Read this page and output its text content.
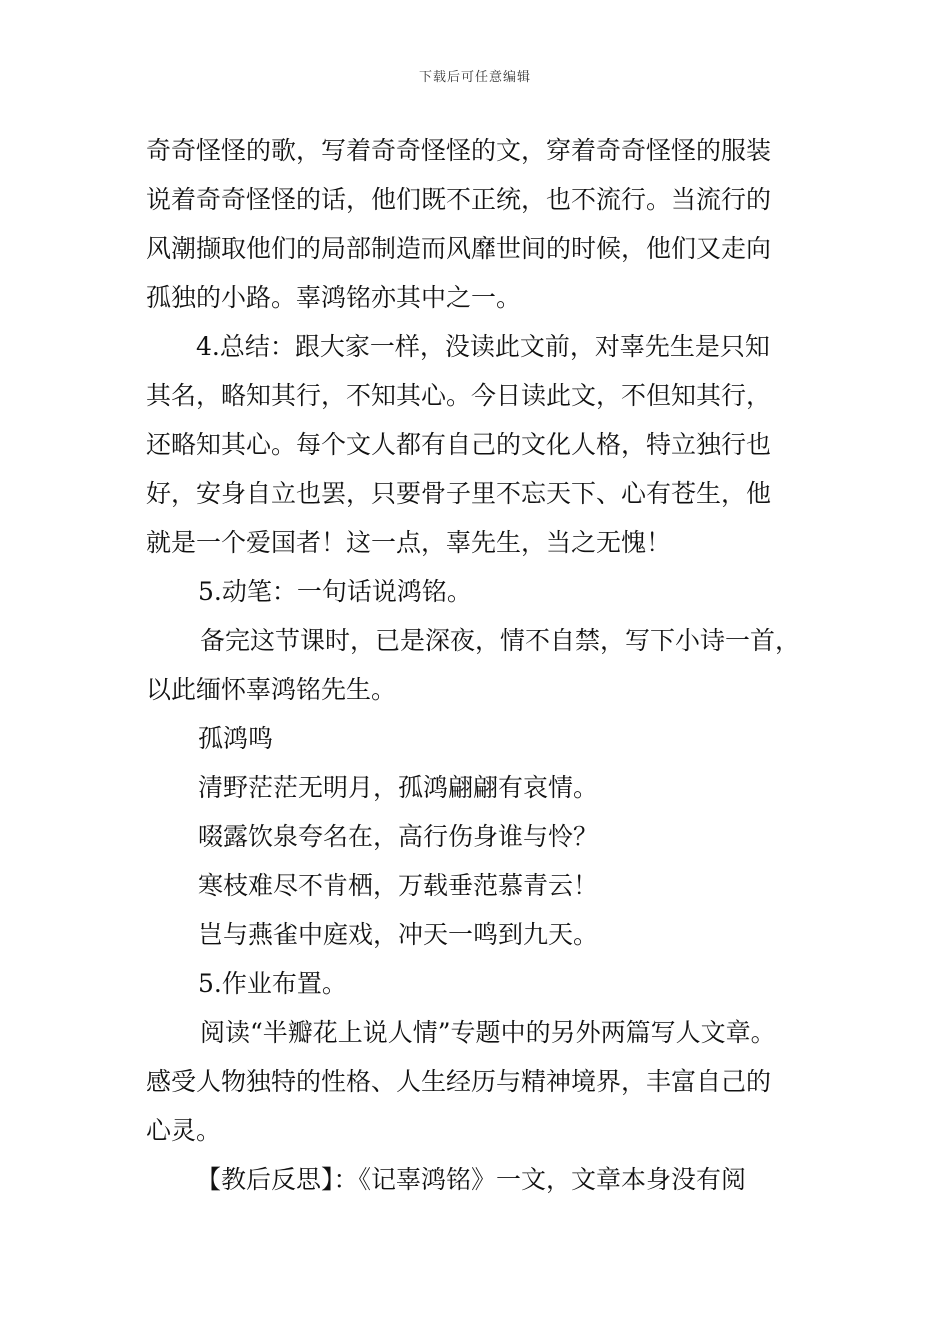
下载后可任意编辑
奇奇怪怪的歌，写着奇奇怪怪的文，穿着奇奇怪怪的服装
说着奇奇怪怪的话，他们既不正统，也不流行。当流行的
风潮撷取他们的局部制造而风靡世间的时候，他们又走向
孤独的小路。辜鸿铭亦其中之一。
4.总结：跟大家一样，没读此文前，对辜先生是只知
其名，略知其行，不知其心。今日读此文，不但知其行，
还略知其心。每个文人都有自己的文化人格，特立独行也
好，安身自立也罢，只要骨子里不忘天下、心有苍生，他
就是一个爱国者！这一点，辜先生，当之无愧！
5.动笔：一句话说鸿铭。
备完这节课时，已是深夜，情不自禁，写下小诗一首，
以此缅怀辜鸿铭先生。
孤鸿鸣
清野茫茫无明月，孤鸿翩翩有哀情。
啜露饮泉夸名在，高行伤身谁与怜？
寒枝难尽不肯栖，万载垂范慕青云！
岂与燕雀中庭戏，冲天一鸣到九天。
5.作业布置。
阅读“半瓣花上说人情”专题中的另外两篇写人文章。
感受人物独特的性格、人生经历与精神境界，丰富自己的
心灵。
【教后反思】：《记辜鸿铭》一文，文章本身没有阅
